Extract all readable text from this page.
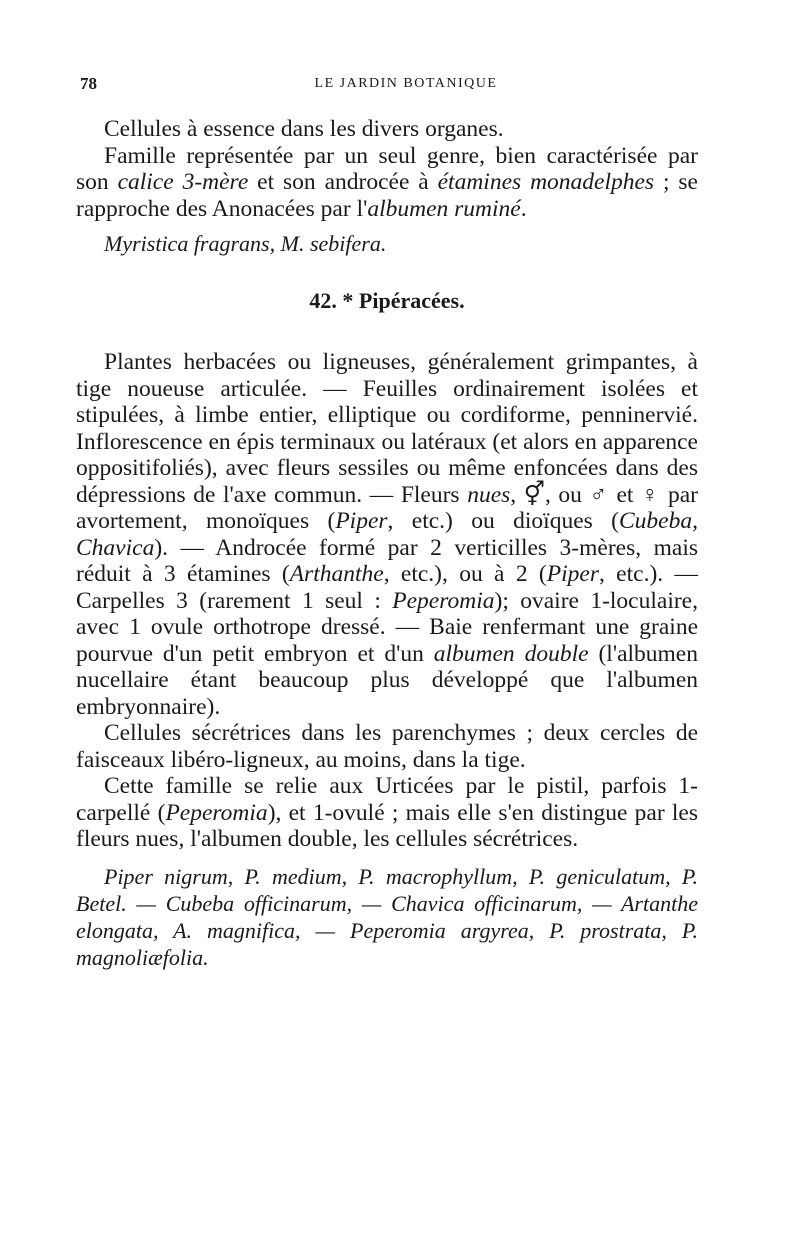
78	LE JARDIN BOTANIQUE

Cellules à essence dans les divers organes.

Famille représentée par un seul genre, bien caractérisée par son calice 3-mère et son androcée à étamines monadelphes ; se rapproche des Anonacées par l'albumen ruminé.

Myristica fragrans, M. sebifera.

42. * Pipéracées.

Plantes herbacées ou ligneuses, généralement grimpantes, à tige noueuse articulée. — Feuilles ordinairement isolées et stipulées, à limbe entier, elliptique ou cordiforme, penninervié. Inflorescence en épis terminaux ou latéraux (et alors en apparence oppositifoliés), avec fleurs sessiles ou même enfoncées dans des dépressions de l'axe commun. — Fleurs nues, ⚥, ou ♂ et ♀ par avortement, monoïques (Piper, etc.) ou dioïques (Cubeba, Chavica). — Androcée formé par 2 verticilles 3-mères, mais réduit à 3 étamines (Arthanthe, etc.), ou à 2 (Piper, etc.). — Carpelles 3 (rarement 1 seul : Peperomia); ovaire 1-loculaire, avec 1 ovule orthotrope dressé. — Baie renfermant une graine pourvue d'un petit embryon et d'un albumen double (l'albumen nucellaire étant beaucoup plus développé que l'albumen embryonnaire).

Cellules sécrétrices dans les parenchymes ; deux cercles de faisceaux libéro-ligneux, au moins, dans la tige.

Cette famille se relie aux Urticées par le pistil, parfois 1-carpellé (Peperomia), et 1-ovulé ; mais elle s'en distingue par les fleurs nues, l'albumen double, les cellules sécrétrices.

Piper nigrum, P. medium, P. macrophyllum, P. geniculatum, P. Betel. — Cubeba officinarum, — Chavica officinarum, — Artanthe elongata, A. magnifica, — Peperomia argyrea, P. prostrata, P. magnoliæfolia.
